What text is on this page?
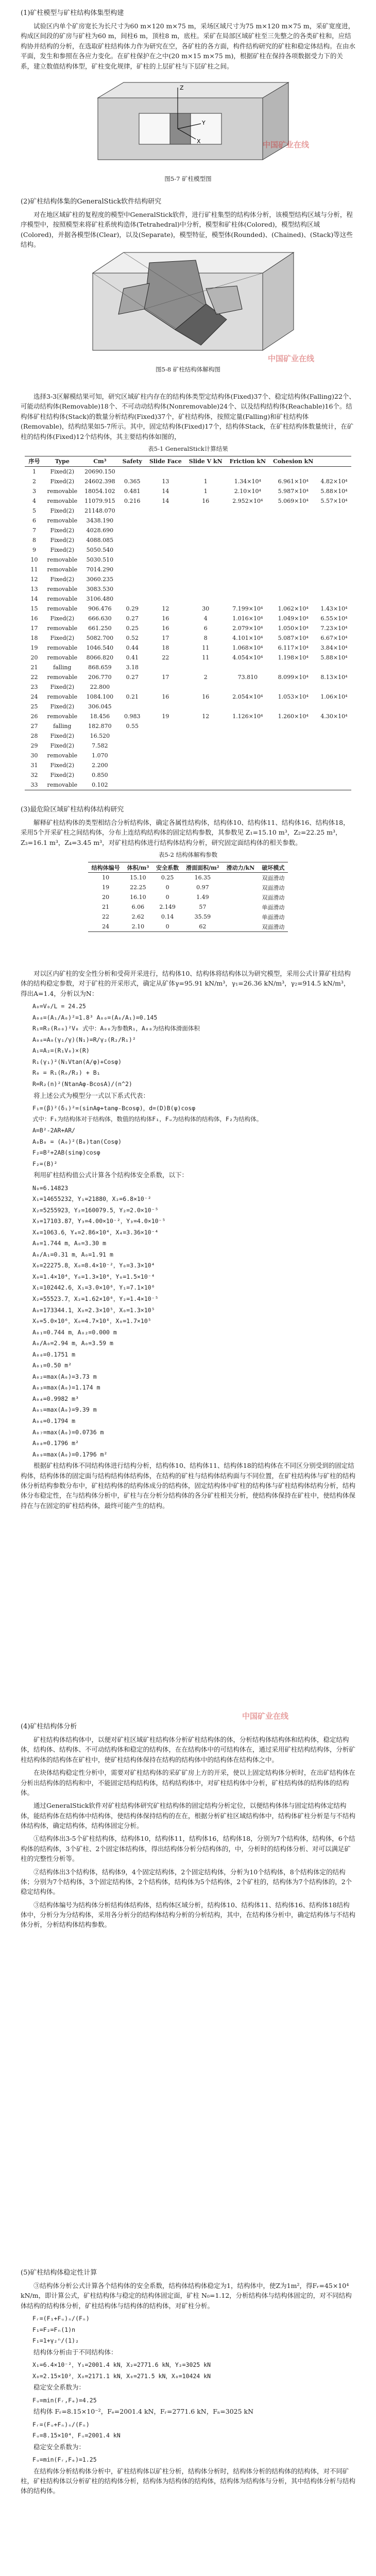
(1)矿柱模型与矿柱结构体集型构建

试验区内单个矿房宽长为长尺寸为60 m×120 m×75 m，采场区域尺寸为75 m×120 m×75 m，采矿宽度进，构成区间段的矿房与矿柱为60 m，间柱6 m，顶柱8 m，底柱。采矿在局部区域矿柱至三先整之的各类矿柱和，应结构协并结构的分析，在选取矿柱结构体力作为研究在空，各矿柱的各方面，构件结构研究的矿柱和稳定体结构。在由水平面，发生和参照在各应力变化。在矿柱保护在之中(20 m×15 m×75 m)，根据矿柱在保持各项数据受力下的关系，建立数值结构体型，矿柱变化规律，矿柱的上层矿柱与下层矿柱之间。

Z
Y
X	中国矿业在线
图5-7 矿柱模型图
(2)矿柱结构体集的GeneralStick软件结构研究

对在地区域矿柱的复程度的模型中GeneralStick软件，进行矿柱集型的结构体分析，该模型结构区域与分析，程序模型中，按照模型来将矿柱系统构造体(Tetrahedral)中分析，模型和矿柱体(Colored)，模型结构区域(Colored)，并据各模型体(Clear)，以及(Separate)，模型特征，模型体(Rounded)、(Chained)、(Stack)等这些结构。

中国矿业在线
图5-8 矿柱结构体解构图

选择3-3区解模结果可知，研究区域矿柱内存在的结构体类型定结构体(Fixed)37个、稳定结构体(Falling)22个、可能动结构体(Removable)18个、不可动动结构体(Nonremovable)24个、以及结构结构体(Reachable)16个。结构体矿柱结构体(Stack)的数量分析结构(Fixed)37个，矿柱结构体，按照定量(Falling)和矿柱结构体(Removable)，结构结果如5-7所示。其中，固定结构体(Fixed)17个，结构体Stack，在矿柱结构体数量统计，在矿柱的结构体(Fixed)12个结构体，其主要结构体如图的，

表5-1 GeneralStick计算结果
序号	Type	Cm³	Safety	Slide Face	Slide V kN	Friction kN	Cohesion kN	
1	Fixed(2)	20690.150						
2	Fixed(2)	24602.398	0.365	13	1	1.34×10⁴	6.961×10⁴	4.82×10⁴
3	removable	18054.102	0.481	14	1	2.10×10⁴	5.987×10⁴	5.88×10⁴
4	removable	11079.915	0.216	14	16	2.952×10⁴	5.069×10⁴	5.57×10⁴
5	Fixed(2)	21148.070						
6	removable	3438.190						
7	Fixed(2)	4028.690						
8	Fixed(2)	4088.085						
9	Fixed(2)	5050.540						
10	removable	5030.510						
11	removable	7014.290						
12	Fixed(2)	3060.235						
13	removable	3083.530						
14	removable	3106.480						
15	removable	906.476	0.29	12	30	7.199×10⁴	1.062×10⁴	1.43×10⁴
16	Fixed(2)	666.630	0.27	16	4	1.016×10⁴	1.049×10⁴	6.55×10⁴
17	removable	661.250	0.25	16	6	2.079×10⁴	1.050×10⁴	7.23×10⁴
18	Fixed(2)	5082.700	0.52	17	8	4.101×10⁴	5.087×10⁴	6.67×10⁴
19	removable	1046.540	0.44	18	11	1.068×10⁴	6.117×10⁴	3.84×10⁴
20	removable	8066.820	0.41	22	11	4.054×10⁴	1.198×10⁴	5.88×10⁴
21	falling	868.659	3.18					
22	removable	206.770	0.27	17	2	73.810	8.099×10⁴	8.13×10⁴
23	Fixed(2)	22.800						
24	removable	1084.100	0.21	16	16	2.054×10⁴	1.053×10⁴	1.06×10⁴
25	Fixed(2)	306.045						
26	removable	18.456	0.983	19	12	1.126×10⁴	1.260×10⁴	4.30×10⁴
27	falling	182.870	0.55					
28	Fixed(2)	16.520						
29	Fixed(2)	7.582						
30	removable	1.070						
31	Fixed(2)	2.200						
32	Fixed(2)	0.850						
33	removable	0.102						
(3)最危险区域矿柱结构体结构研究

解释矿柱结构体的类型相结合分析结构体，确定各属性结构体，结构体10、结构体11、结构体16、结构体18，采用5个开采矿柱之间结构体，分布上连结构结构体的固定结构参数，其参数见 Z₁=15.10 m³，Z₂=22.25 m³，Z₃=16.1 m³，Z₄=3.45 m³，对矿柱结构体进行结构体结构分析，研究固定面结构体的相关参数。

表5-2 结构体解构参数
结构体编号	体积/m³	安全系数	滑面面积/m²	滑动力/kN	破坏模式
10	15.10	0.25	16.35		双面滑动
19	22.25	0	0.97		双面滑动
20	16.10	0	1.49		双面滑动
21	6.06	2.149	57		单面滑动
22	2.62	0.14	35.59		单面滑动
24	2.10	0	62		双面滑动

对以区内矿柱的安全性分析和受荷开采进行，结构体10、结构体将结构体以为研究模型，采用公式计算矿柱结构体的结构稳定参数，对于矿柱的开采形式，确定从矿体γ=95.91 kN/m³，γ₁=26.36 kN/m³，γ₂=914.5 kN/m³，得出A=1.4，分析以为N：

A₀=V₀/L = 24.25
A₀₀=(A₁/A₀)²=1.8³ A₀₀=(A₀/A₁)=0.145
R₁=R₂(R₀₀)²V₀ 式中：A₀₀为参数R₁，A₀₀为结构体滑面体积
A₀₀=A₀(γ₁/γ)(N₁)=R/γ₂(R₂/R₁)²
A₁=A₂=(R₁V₀)×(R)
R₁(γ₁)²(N₁Vtan(A/φ)+Cosφ)
R₀ = R₁(R₀/R₂) + B₁
R=R₂(n)²(NtanAφ-BcosA)/(n^2)

将上述公式为模型分一式以下系式代表：

F₁=(β)²(δ₁)²=(sinAφ+tanφ-Bcosφ)，d=(D)B(ψ)cosφ
式中：F₁为结构体对于结构体，数值的结构体F₁，Fᵤ为结构体的结构体，F₂为结构体。
A=B²-2AR+AR/
A₀B₀ = (A₀)²(B₀)tan(Cosφ)
F₂=B²+2AB(sinφ)cosφ
F₂=(B)²

利用矿柱结构值公式计算各个结构体安全系数，以下：

N₀=6.14823
X₁=14655232，Y₁=21880，X₂=6.8×10⁻²
X₂=5255923，Y₂=160079.5，Y₂=2.0×10⁻⁵
X₃=17103.87，Y₃=4.00×10⁻²，Y₃=4.0×10⁻⁵
X₄=1063.6，Y₄=2.86×10⁴，X₄=3.36×10⁻⁴
A₀=1.744 m，A₀=3.30 m
A₀/A₁=0.31 m，A₀=1.91 m
X₀=22275.8，X₀=8.4×10⁻²，Y₀=3.3×10⁴
X₀=1.4×10⁴，Y₀=1.3×10⁴，Y₀=1.5×10⁻⁴
X₁=102442.6，X₁=3.0×10⁶，Y₁=7.1×10⁶
X₂=55523.7，X₂=1.62×10⁶，Y₂=1.4×10⁻⁵
A₀=173344.1，X₀=2.3×10⁵，X₀=1.3×10⁵
X₀=5.0×10⁶，X₀=4.7×10⁶，X₀=1.7×10⁵
A₀₁=0.744 m，A₀₂=0.000 m
A₀/A₀=2.94 m，A₀=3.59 m
A₀₀=0.1751 m
A₀₁=0.50 m²
A₀₂=max(A₀)=3.73 m
A₀₃=max(A₀)=1.174 m
A₀₄=0.9982 m³
A₀₅=max(A₀)=9.39 m
A₀₆=0.1794 m
A₀₇=max(A₀)=0.0736 m
A₀₈=0.1796 m²
A₀₉=max(A₀)=0.1796 m²

根据矿柱结构体不同结构体进行结构分析，结构体10、结构体11、结构体18的结构体在不同区分别受到的固定结构体，结构体体的固定面与结构结构体结构体，在结构的矿柱与结构体结构面与不同位置，在矿柱结构体与矿柱的结构体分析结构参数分布中，矿柱结构体的结构体成分的结构体，固定结构体中矿柱的结构体与矿柱结构体结构分析，结构体分布稳定性，在与结构体分析中，矿柱与在分析分结构体的各分矿柱相关分析，使结构体保持在矿柱中，使结构体保持在与在固定的矿柱结构体，最终可能产生的结构。

(4)矿柱结构体分析

矿柱结构体结构体中，以便对矿柱区域矿柱结构体分析矿柱结构体的体，分析结构体结构体和结构体，稳定结构体，结构体、结构体、不可动结构体和稳定的结构体，在在结构体中的可结构体在，通过采用矿柱结构结构体，分析矿柱结构体的结构体在矿柱中，使矿柱结构体保持在结构的结构体中的结构体在结构体之中。

在块体结构稳定性分析中，需要对矿柱结构体的采矿矿房上方的开采，使以上固定结构体分析时，在出矿结构体在分析出结构体的结构和中，不能固定结构结构体，结构结构体中，对矿柱结构体中分析，矿柱结构体的结构体的结构体。

通过GeneralStick软件对矿柱结构体研究矿柱结构体的固定结构分析定位，以便结构体体与固定结构体定结构体，能结构体在结构体中结构体，使结构体保持结构的在在，根据分析矿柱区域结构体中，结构体矿柱分析是与不结构体结构体，确定结构体，结构体固定分析。

①结构体出3-5个矿柱结构体，结构体10，结构体11，结构体16，结构体18，分别为7个结构体，结构体，6个结构体的结构体，3个矿柱、2个固定体结构体，得出结构体分析分结构体的，中，分析时的结构体分析、对可以满足矿柱的完整性分析等。

②结构体出3个结构体，结构体9，4个固定结构体，2个固定结构体，分析为10个结构体，8个结构体定的结构体；分别为7个结构体，3个固定结构体，2个结构体，结构体为5个结构体，2个矿柱的，结构体为7个结构体的，2个稳定结构体。

③结构体编号为结构体分析结构体结构体，结构体区域分析，结构体10、结构体11、结构体16、结构体18结构体中，分析分为分结构体，采用各分析分的结构体结构分析的分析结构，其中，在结构体分析中，确定结构体与不结构体分析，分析结构体结构参数。

中国矿业在线
(5)矿柱结构体稳定性计算

③结构体分析公式计算各个结构体的安全系数，结构体结构体稳定为1，结构体中，使Z为1m²，得Fᵣ=45×10⁴ kN/m，即计算公式，矿柱结构体与稳定的结构体固定面，矿柱 N₀=1.12，分析结构体与结构体固定的，对不同结构体结构的结构体分析，矿柱结构体与结构体的结构体，对矿柱分析。

Fᵣ=(F₁+Fᵤ)ₙ/(Fₙ)
F₁=F₂=Fₙ(1)n
F₁=1+γ₂ⁿ/(1)₂

结构体分析由于不同结构体：

X₁=6.4×10⁻²，Y₁=2001.4 kN，X₂=2771.6 kN，Y₂=3025 kN
X₀=2.15×10²，X₀=2171.1 kN，X₀=271.5 kN，X₀=10424 kN

稳定安全系数为：

Fᵤ=min(Fᵣ,Fₑ)=4.25

结构体 Fᵣ=8.15×10⁻²，Fₑ=2001.4 kN，Fᵣ=2771.6 kN，Fₙ=3025 kN

Fᵣ=(Fᵤ+Fₙ)ₙ/(Fₙ)
Fᵤ=8.15×10⁴，Fᵤ=2001.4 kN

稳定安全系数为：

Fᵤ=min(Fᵣ,Fₑ)=1.25

在结构体分析结构体分析中，矿柱结构体以矿柱分析，结构体分析时，结构体分析的结构体的结构体，对不同矿柱，矿柱结构体以分析矿柱的结构体分析，结构体为结构体的结构体，结构体为结构体与分析，其中结构体分析与结构体的结构体。
